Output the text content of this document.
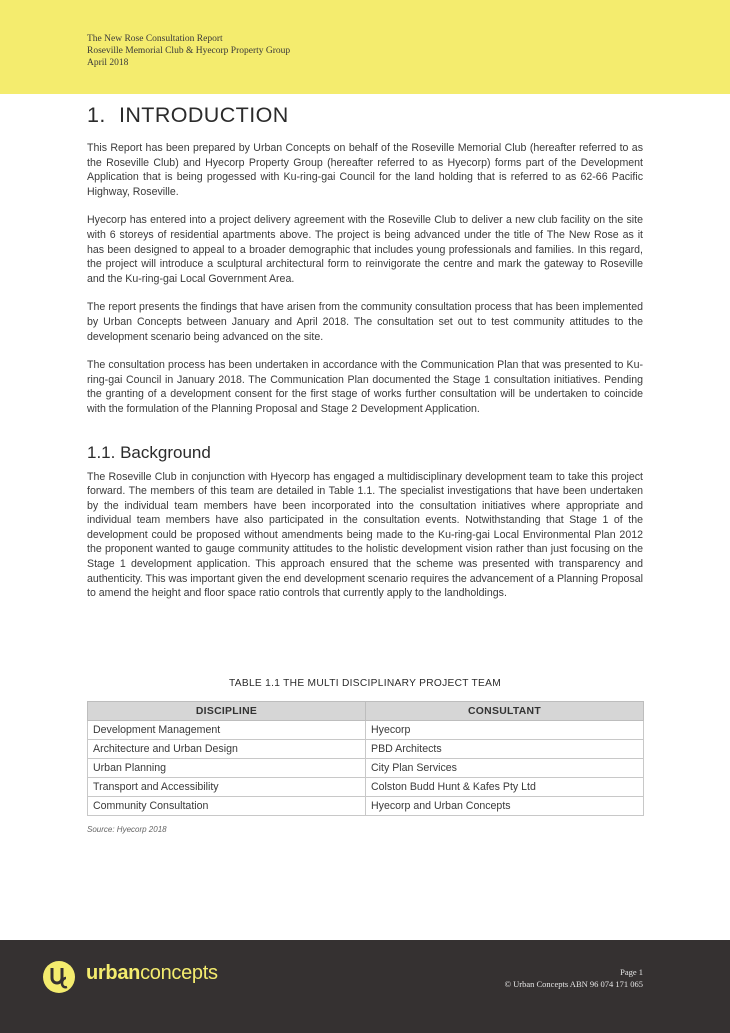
The New Rose Consultation Report
Roseville Memorial Club & Hyecorp Property Group
April 2018
1. INTRODUCTION

This Report has been prepared by Urban Concepts on behalf of the Roseville Memorial Club (hereafter referred to as the Roseville Club) and Hyecorp Property Group (hereafter referred to as Hyecorp) forms part of the Development Application that is being progessed with Ku-ring-gai Council for the land holding that is referred to as 62-66 Pacific Highway, Roseville.

Hyecorp has entered into a project delivery agreement with the Roseville Club to deliver a new club facility on the site with 6 storeys of residential apartments above. The project is being advanced under the title of The New Rose as it has been designed to appeal to a broader demographic that includes young professionals and families. In this regard, the project will introduce a sculptural architectural form to reinvigorate the centre and mark the gateway to Roseville and the Ku-ring-gai Local Government Area.

The report presents the findings that have arisen from the community consultation process that has been implemented by Urban Concepts between January and April 2018. The consultation set out to test community attitudes to the development scenario being advanced on the site.

The consultation process has been undertaken in accordance with the Communication Plan that was presented to Ku-ring-gai Council in January 2018. The Communication Plan documented the Stage 1 consultation initiatives. Pending the granting of a development consent for the first stage of works further consultation will be undertaken to coincide with the formulation of the Planning Proposal and Stage 2 Development Application.

1.1. Background

The Roseville Club in conjunction with Hyecorp has engaged a multidisciplinary development team to take this project forward. The members of this team are detailed in Table 1.1. The specialist investigations that have been undertaken by the individual team members have been incorporated into the consultation initiatives where appropriate and individual team members have also participated in the consultation events. Notwithstanding that Stage 1 of the development could be proposed without amendments being made to the Ku-ring-gai Local Environmental Plan 2012 the proponent wanted to gauge community attitudes to the holistic development vision rather than just focusing on the Stage 1 development application. This approach ensured that the scheme was presented with transparency and authenticity. This was important given the end development scenario requires the advancement of a Planning Proposal to amend the height and floor space ratio controls that currently apply to the landholdings.

TABLE 1.1 THE MULTI DISCIPLINARY PROJECT TEAM
DISCIPLINE	CONSULTANT
Development Management	Hyecorp
Architecture and Urban Design	PBD Architects
Urban Planning	City Plan Services
Transport and Accessibility	Colston Budd Hunt & Kafes Pty Ltd
Community Consultation	Hyecorp and Urban Concepts
Source: Hyecorp 2018
urbanconcepts	Page 1
© Urban Concepts ABN 96 074 171 065
